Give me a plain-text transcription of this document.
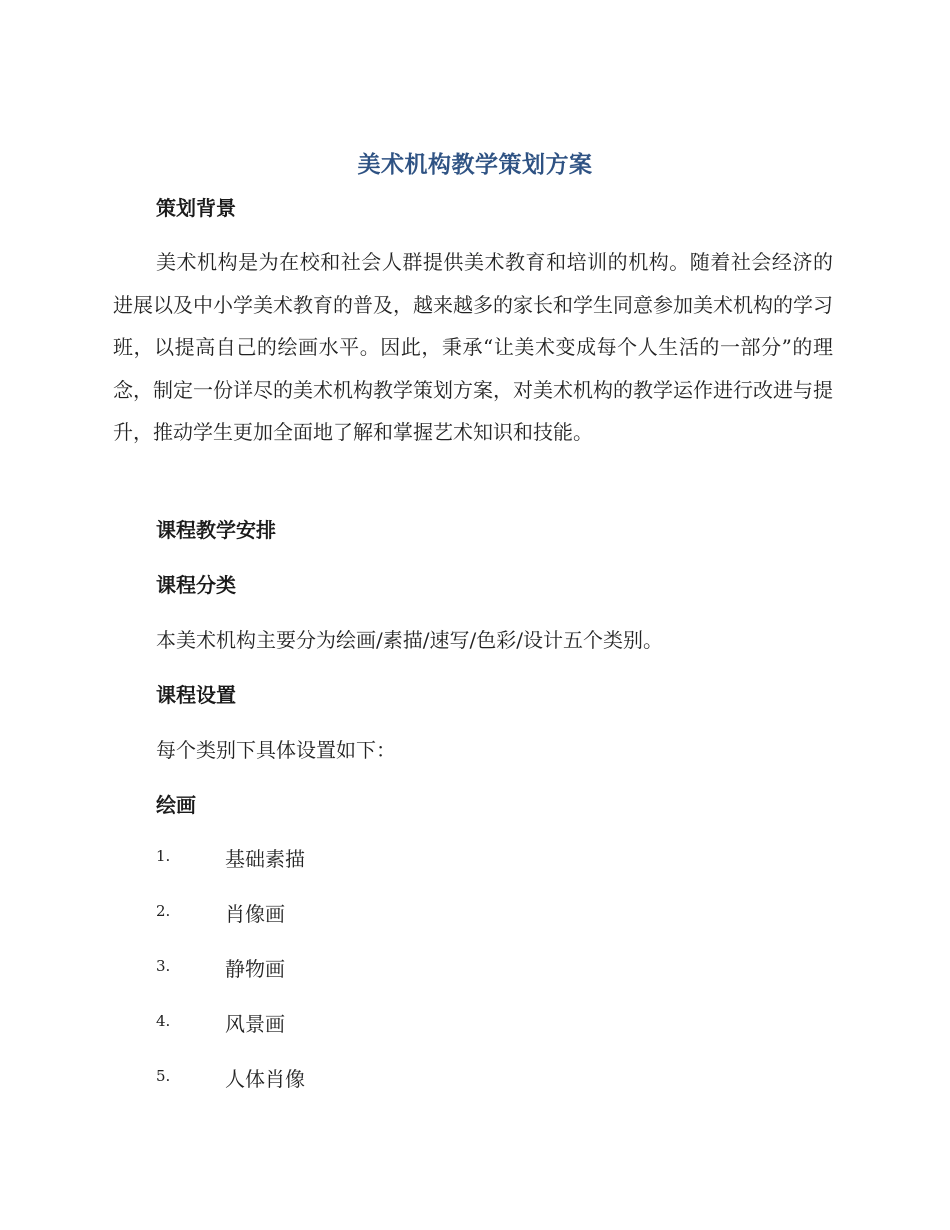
美术机构教学策划方案
策划背景

美术机构是为在校和社会人群提供美术教育和培训的机构。随着社会经济的进展以及中小学美术教育的普及，越来越多的家长和学生同意参加美术机构的学习班，以提高自己的绘画水平。因此，秉承“让美术变成每个人生活的一部分”的理念，制定一份详尽的美术机构教学策划方案，对美术机构的教学运作进行改进与提升，推动学生更加全面地了解和掌握艺术知识和技能。

课程教学安排
课程分类
本美术机构主要分为绘画/素描/速写/色彩/设计五个类别。
课程设置
每个类别下具体设置如下：
绘画
1.	基础素描
2.	肖像画
3.	静物画
4.	风景画
5.	人体肖像
